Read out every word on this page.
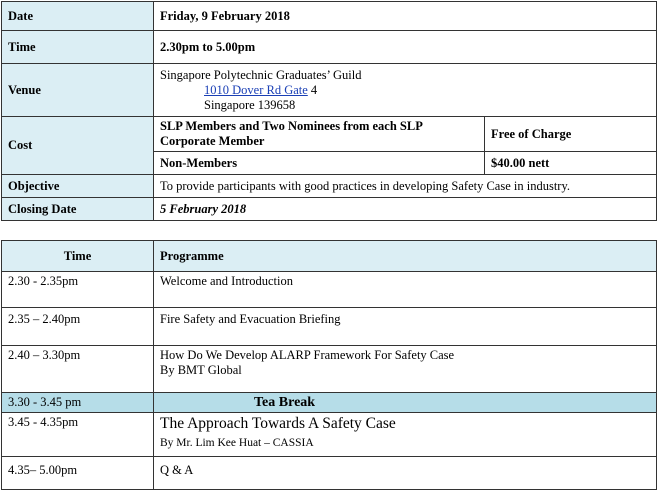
Date	Friday, 9 February 2018	
Time	2.30pm to 5.00pm	
Venue	Singapore Polytechnic Graduates’ Guild
1010 Dover Rd Gate 4
Singapore 139658	

Cost	SLP Members and Two Nominees from each SLP Corporate Member	Free of Charge
	Non-Members	$40.00 nett
Objective	To provide participants with good practices in developing Safety Case in industry.	
Closing Date	5 February 2018	
Time	Programme
2.30 - 2.35pm	Welcome and Introduction
2.35 – 2.40pm	Fire Safety and Evacuation Briefing
2.40 – 3.30pm	How Do We Develop ALARP Framework For Safety Case
By BMT Global

3.30 - 3.45 pm	Tea Break
3.45 - 4.35pm	The Approach Towards A Safety Case
By Mr. Lim Kee Huat – CASSIA

4.35– 5.00pm	Q & A
